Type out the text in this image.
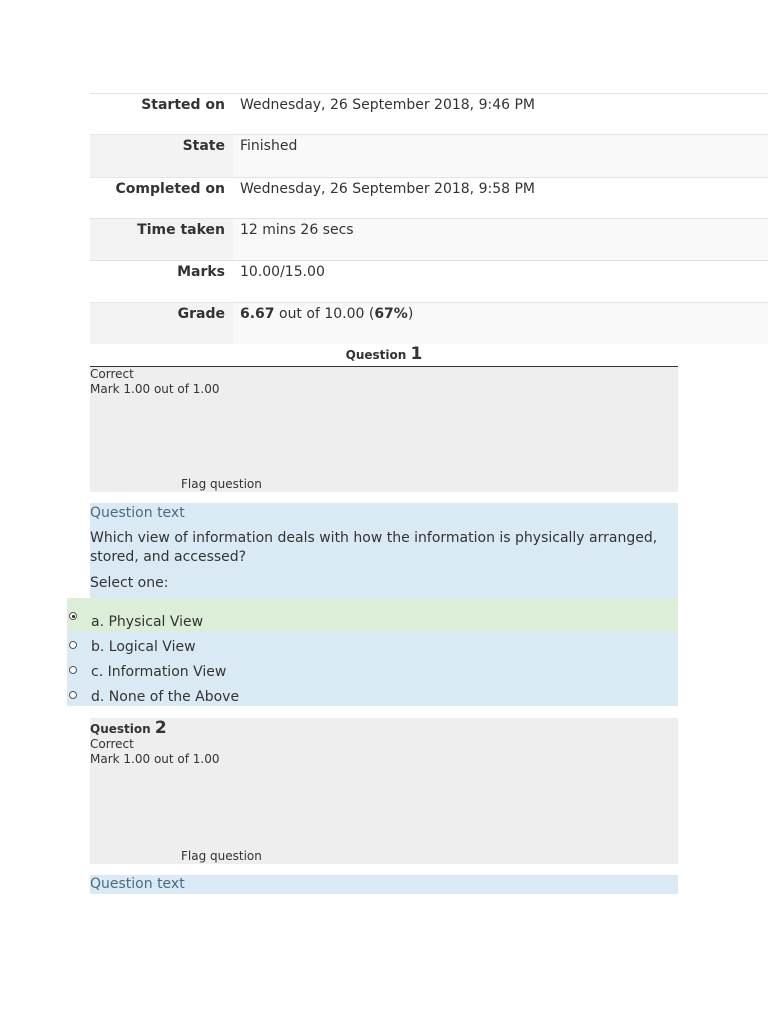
Started on	Wednesday, 26 September 2018, 9:46 PM
State	Finished
Completed on	Wednesday, 26 September 2018, 9:58 PM
Time taken	12 mins 26 secs
Marks	10.00/15.00
Grade	6.67 out of 10.00 (67%)
Question 1
Correct
Mark 1.00 out of 1.00
Flag question
Question text
Which view of information deals with how the information is physically arranged, stored, and accessed?
Select one:
a. Physical View
b. Logical View
c. Information View
d. None of the Above
Question 2
Correct
Mark 1.00 out of 1.00
Flag question
Question text
